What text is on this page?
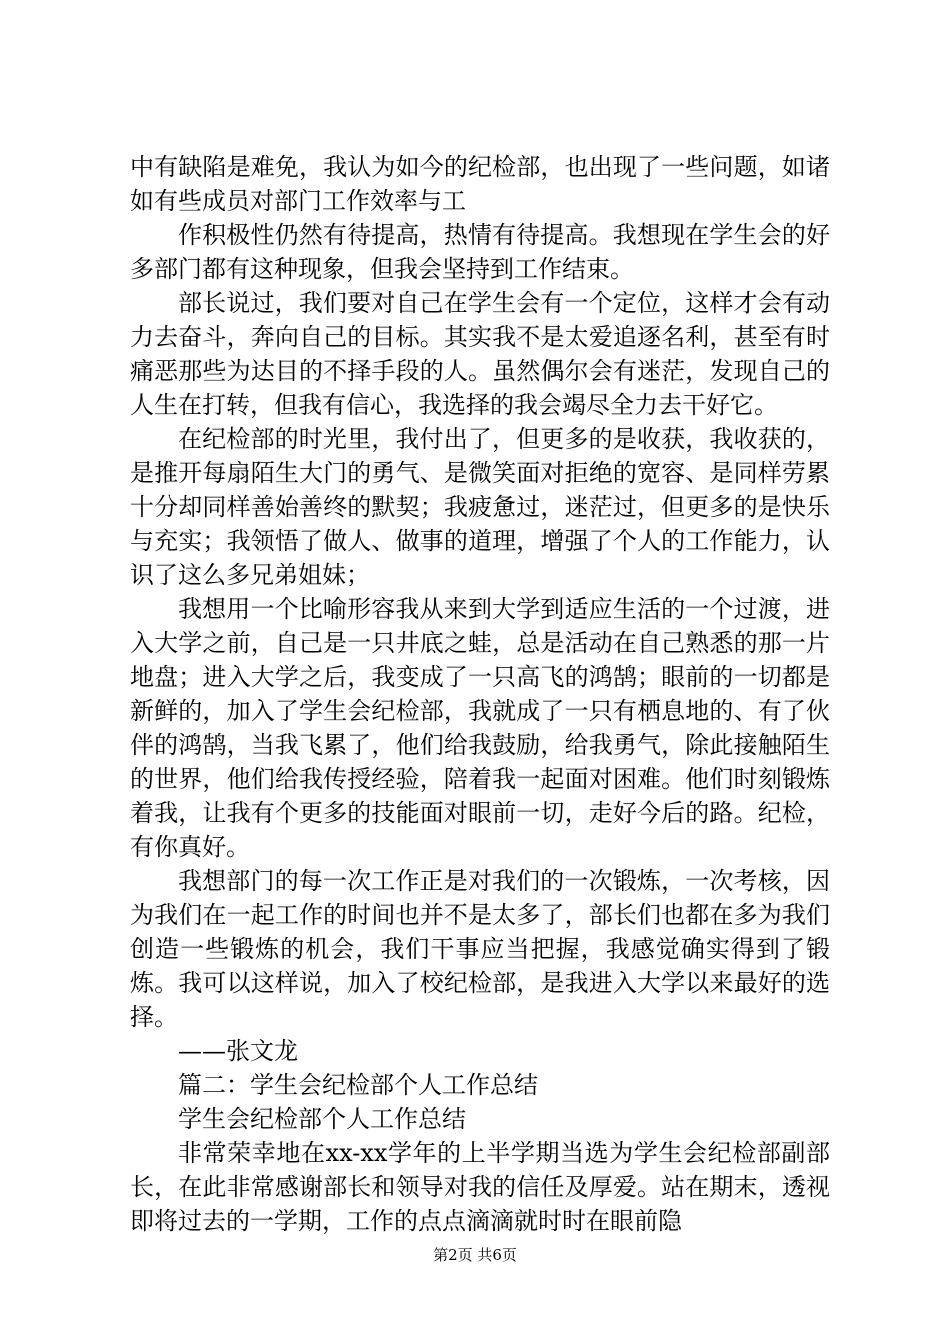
中有缺陷是难免，我认为如今的纪检部，也出现了一些问题，如诸如有些成员对部门工作效率与工

作积极性仍然有待提高，热情有待提高。我想现在学生会的好多部门都有这种现象，但我会坚持到工作结束。

部长说过，我们要对自己在学生会有一个定位，这样才会有动力去奋斗，奔向自己的目标。其实我不是太爱追逐名利，甚至有时痛恶那些为达目的不择手段的人。虽然偶尔会有迷茫，发现自己的人生在打转，但我有信心，我选择的我会竭尽全力去干好它。

在纪检部的时光里，我付出了，但更多的是收获，我收获的，是推开每扇陌生大门的勇气、是微笑面对拒绝的宽容、是同样劳累十分却同样善始善终的默契；我疲惫过，迷茫过，但更多的是快乐与充实；我领悟了做人、做事的道理，增强了个人的工作能力，认识了这么多兄弟姐妹；

我想用一个比喻形容我从来到大学到适应生活的一个过渡，进入大学之前，自己是一只井底之蛙，总是活动在自己熟悉的那一片地盘；进入大学之后，我变成了一只高飞的鸿鹄；眼前的一切都是新鲜的，加入了学生会纪检部，我就成了一只有栖息地的、有了伙伴的鸿鹄，当我飞累了，他们给我鼓励，给我勇气，除此接触陌生的世界，他们给我传授经验，陪着我一起面对困难。他们时刻锻炼着我，让我有个更多的技能面对眼前一切，走好今后的路。纪检，有你真好。

我想部门的每一次工作正是对我们的一次锻炼，一次考核，因为我们在一起工作的时间也并不是太多了，部长们也都在多为我们创造一些锻炼的机会，我们干事应当把握，我感觉确实得到了锻炼。我可以这样说，加入了校纪检部，是我进入大学以来最好的选择。

——张文龙

篇二：学生会纪检部个人工作总结

学生会纪检部个人工作总结

非常荣幸地在xx-xx学年的上半学期当选为学生会纪检部副部长，在此非常感谢部长和领导对我的信任及厚爱。站在期末，透视即将过去的一学期，工作的点点滴滴就时时在眼前隐

第2页 共6页
